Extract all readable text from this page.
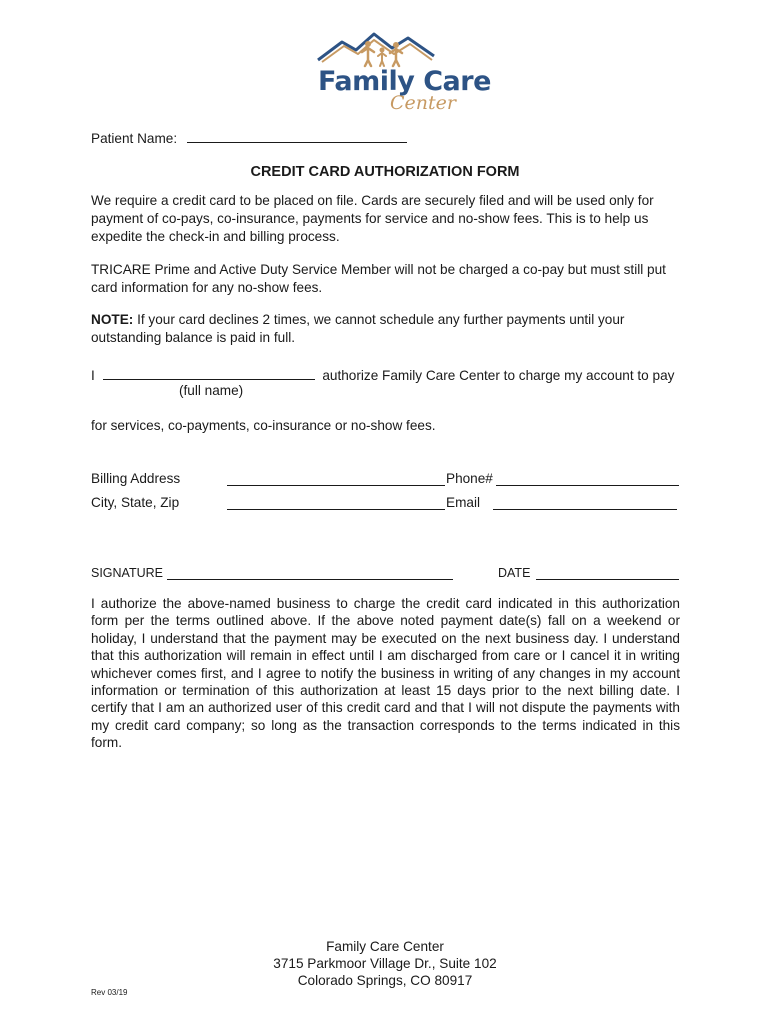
Family Care
Center
Patient Name:
CREDIT CARD AUTHORIZATION FORM
We require a credit card to be placed on file. Cards are securely filed and will be used only for payment of co-pays, co-insurance, payments for service and no-show fees. This is to help us expedite the check-in and billing process.
TRICARE Prime and Active Duty Service Member will not be charged a co-pay but must still put card information for any no-show fees.
NOTE: If your card declines 2 times, we cannot schedule any further payments until your outstanding balance is paid in full.
I	authorize Family Care Center to charge my account to pay
(full name)
for services, co-payments, co-insurance or no-show fees.
Billing Address	Phone#
City, State, Zip	Email
SIGNATURE	DATE
I authorize the above-named business to charge the credit card indicated in this authorization form per the terms outlined above. If the above noted payment date(s) fall on a weekend or holiday, I understand that the payment may be executed on the next business day. I understand that this authorization will remain in effect until I am discharged from care or I cancel it in writing whichever comes first, and I agree to notify the business in writing of any changes in my account information or termination of this authorization at least 15 days prior to the next billing date. I certify that I am an authorized user of this credit card and that I will not dispute the payments with my credit card company; so long as the transaction corresponds to the terms indicated in this form.
Family Care Center
3715 Parkmoor Village Dr., Suite 102
Colorado Springs, CO 80917
Rev 03/19
